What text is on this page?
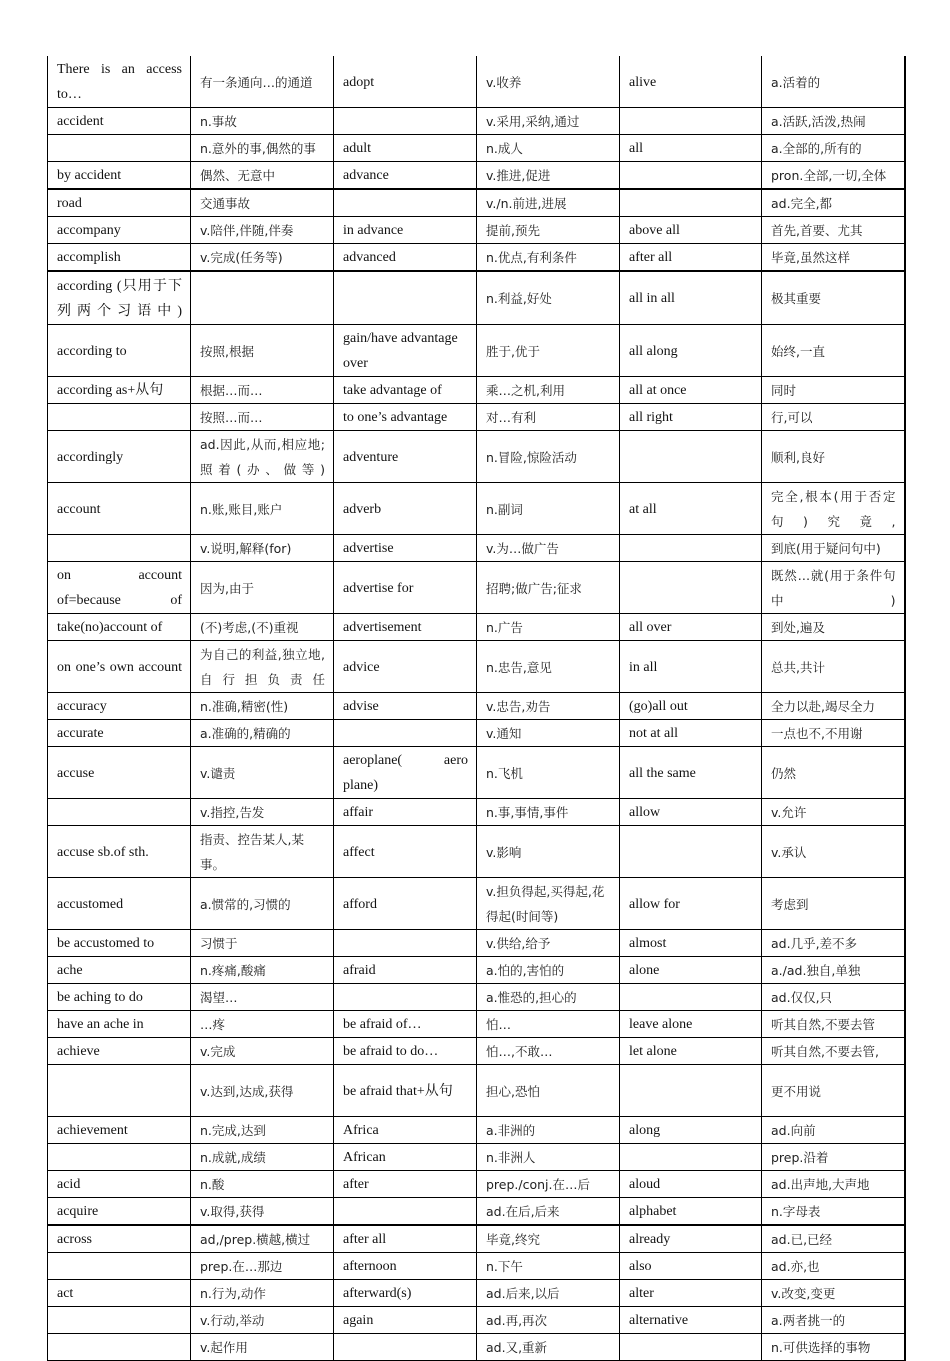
There is an access to…	有一条通向…的通道	adopt	v.收养	alive	a.活着的
accident	n.事故		v.采用,采纳,通过		a.活跃,活泼,热闹
	n.意外的事,偶然的事	adult	n.成人	all	a.全部的,所有的
by accident	偶然、无意中	advance	v.推进,促进		pron.全部,一切,全体
road	交通事故		v./n.前进,进展		ad.完全,都
accompany	v.陪伴,伴随,伴奏	in advance	提前,预先	above all	首先,首要、尤其
accomplish	v.完成(任务等)	advanced	n.优点,有利条件	after all	毕竟,虽然这样
according (只用于下列两个习语中)			n.利益,好处	all in all	极其重要
according to	按照,根据	gain/have advantage over	胜于,优于	all along	始终,一直
according as+从句	根据…而…	take advantage of	乘…之机,利用	all at once	同时
	按照…而…	to one’s advantage	对…有利	all right	行,可以
accordingly	ad.因此,从而,相应地;照着(办、做等)	adventure	n.冒险,惊险活动		顺利,良好
account	n.账,账目,账户	adverb	n.副词	at all	完全,根本(用于否定句)究竟,
	v.说明,解释(for)	advertise	v.为…做广告		到底(用于疑问句中)
on account of=because of	因为,由于	advertise for	招聘;做广告;征求		既然…就(用于条件句中)
take(no)account of	(不)考虑,(不)重视	advertisement	n.广告	all over	到处,遍及
on one’s own account	为自己的利益,独立地,自行担负责任	advice	n.忠告,意见	in all	总共,共计
accuracy	n.准确,精密(性)	advise	v.忠告,劝告	(go)all out	全力以赴,竭尽全力
accurate	a.准确的,精确的		v.通知	not at all	一点也不,不用谢
accuse	v.谴责	aeroplane( aero plane)	n.飞机	all the same	仍然
	v.指控,告发	affair	n.事,事情,事件	allow	v.允许
accuse sb.of sth.	指责、控告某人,某事。	affect	v.影响		v.承认
accustomed	a.惯常的,习惯的	afford	v.担负得起,买得起,花得起(时间等)	allow for	考虑到
be accustomed to	习惯于		v.供给,给予	almost	ad.几乎,差不多
ache	n.疼痛,酸痛	afraid	a.怕的,害怕的	alone	a./ad.独自,单独
be aching to do	渴望…		a.惟恐的,担心的		ad.仅仅,只
have an ache in	…疼	be afraid of…	怕…	leave alone	听其自然,不要去管
achieve	v.完成	be afraid to do…	怕…,不敢…	let alone	听其自然,不要去管,
	v.达到,达成,获得	be afraid that+从句	担心,恐怕		更不用说
achievement	n.完成,达到	Africa	a.非洲的	along	ad.向前
	n.成就,成绩	African	n.非洲人		prep.沿着
acid	n.酸	after	prep./conj.在…后	aloud	ad.出声地,大声地
acquire	v.取得,获得		ad.在后,后来	alphabet	n.字母表
across	ad,/prep.横越,横过	after all	毕竟,终究	already	ad.已,已经
	prep.在…那边	afternoon	n.下午	also	ad.亦,也
act	n.行为,动作	afterward(s)	ad.后来,以后	alter	v.改变,变更
	v.行动,举动	again	ad.再,再次	alternative	a.两者挑一的
	v.起作用		ad.又,重新		n.可供选择的事物
